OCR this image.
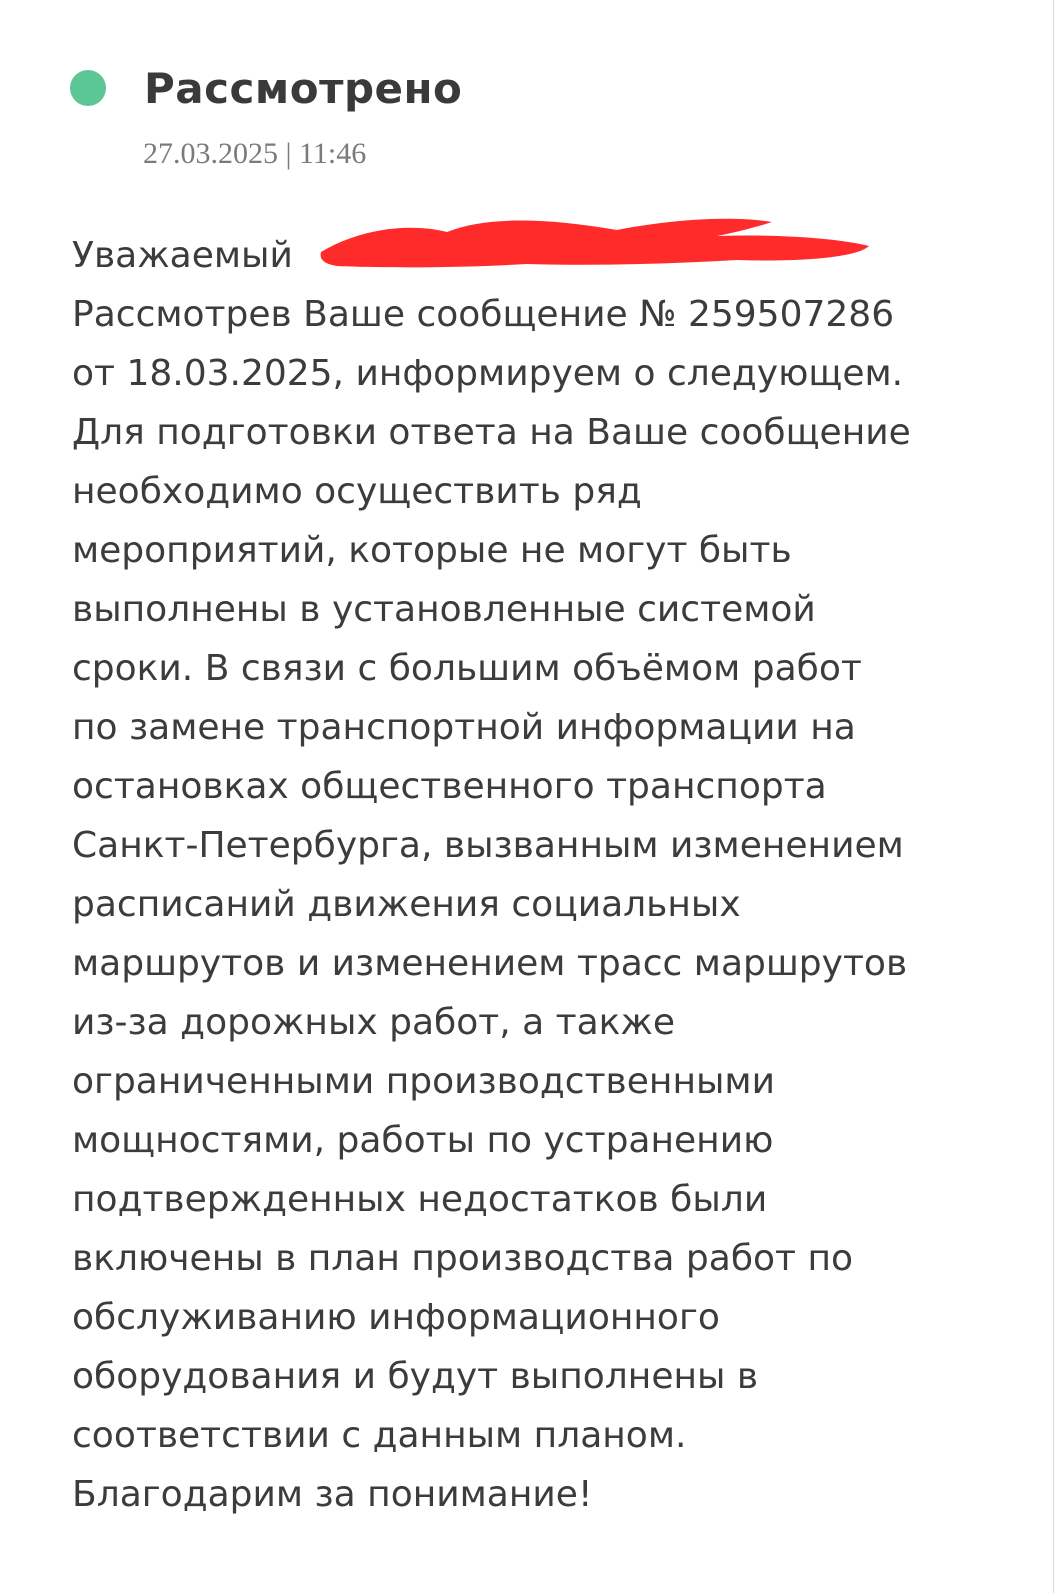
Рассмотрено
27.03.2025 | 11:46
Уважаемый
Рассмотрев Ваше сообщение № 259507286
от 18.03.2025, информируем о следующем.
Для подготовки ответа на Ваше сообщение
необходимо осуществить ряд
мероприятий, которые не могут быть
выполнены в установленные системой
сроки. В связи с большим объёмом работ
по замене транспортной информации на
остановках общественного транспорта
Санкт-Петербурга, вызванным изменением
расписаний движения социальных
маршрутов и изменением трасс маршрутов
из-за дорожных работ, а также
ограниченными производственными
мощностями, работы по устранению
подтвержденных недостатков были
включены в план производства работ по
обслуживанию информационного
оборудования и будут выполнены в
соответствии с данным планом.
Благодарим за понимание!
